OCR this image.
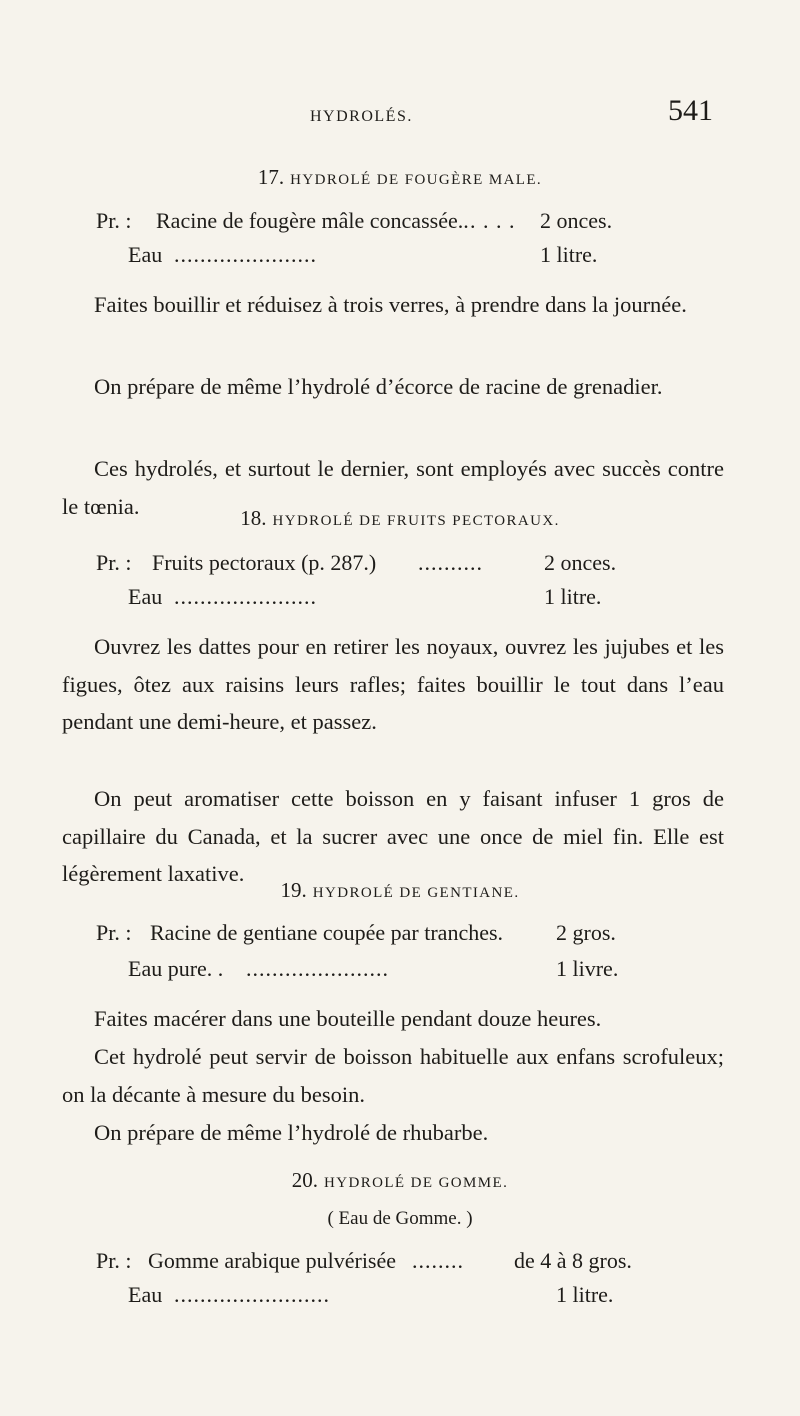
HYDROLÉS.	541
17. HYDROLÉ DE FOUGÈRE MALE.
Pr. : Racine de fougère mâle concassée.. . . . .	2 onces.
Eau ......................	1 litre.
Faites bouillir et réduisez à trois verres, à prendre dans la journée.
On prépare de même l’hydrolé d’écorce de racine de grenadier.
Ces hydrolés, et surtout le dernier, sont employés avec succès contre le tœnia.	18. HYDROLÉ DE FRUITS PECTORAUX.
Pr. : Fruits pectoraux (p. 287.) ..........	2 onces.
Eau ......................	1 litre.
Ouvrez les dattes pour en retirer les noyaux, ouvrez les jujubes et les figues, ôtez aux raisins leurs rafles; faites bouillir le tout dans l’eau pendant une demi-heure, et passez.
On peut aromatiser cette boisson en y faisant infuser 1 gros de capillaire du Canada, et la sucrer avec une once de miel fin. Elle est légèrement laxative.
19. HYDROLÉ DE GENTIANE.
Pr. : Racine de gentiane coupée par tranches. 2 gros.
Eau pure. . ......................	1 livre.
Faites macérer dans une bouteille pendant douze heures.
Cet hydrolé peut servir de boisson habituelle aux enfans scrofuleux; on la décante à mesure du besoin.
On prépare de même l’hydrolé de rhubarbe.
20. HYDROLÉ DE GOMME.
( Eau de Gomme. )
Pr. : Gomme arabique pulvérisée ........	de 4 à 8 gros.
Eau ........................	1 litre.
